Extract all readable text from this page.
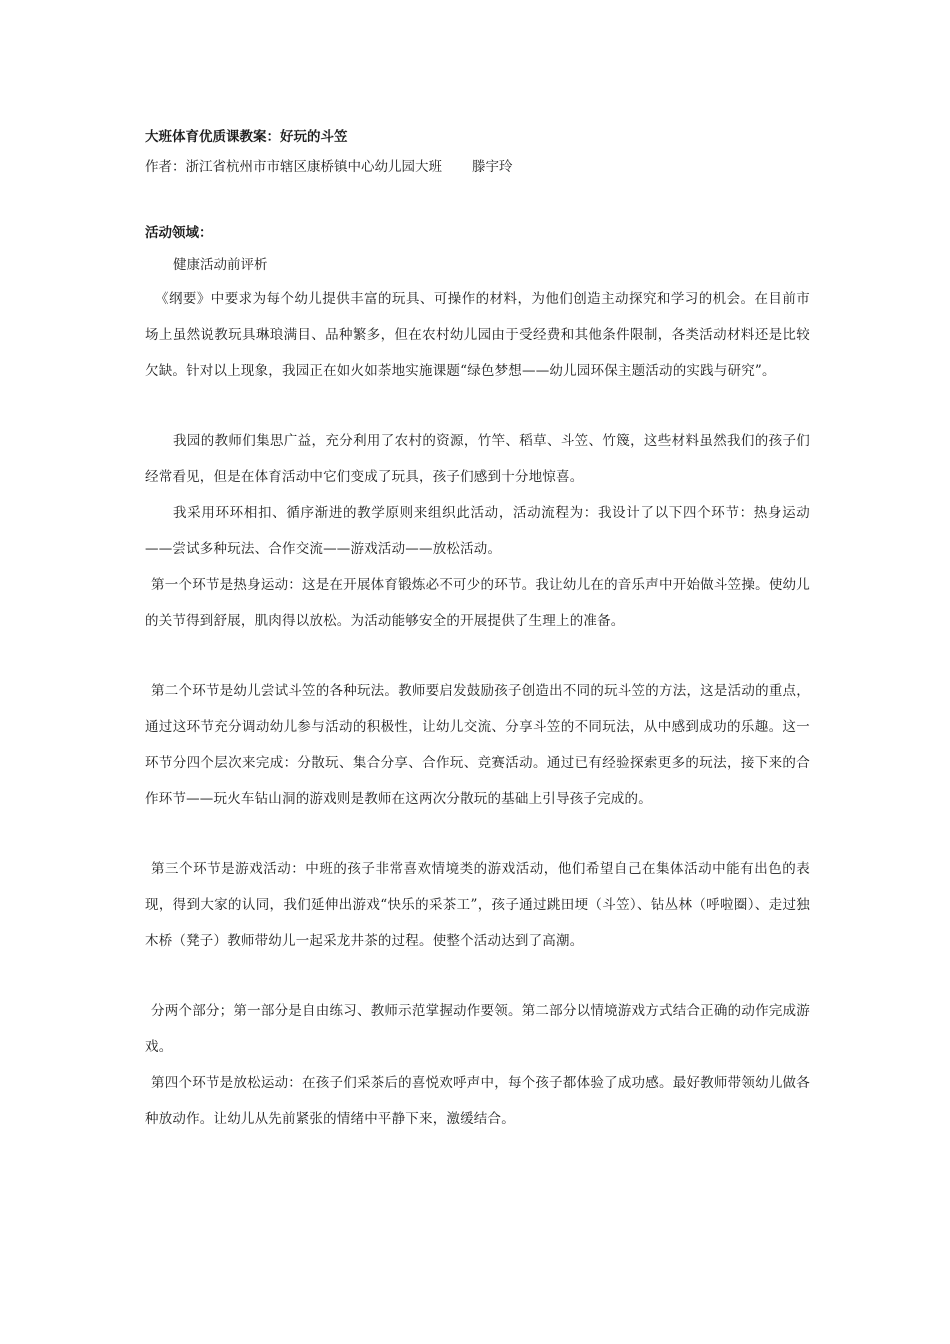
大班体育优质课教案：好玩的斗笠
作者：浙江省杭州市市辖区康桥镇中心幼儿园大班 滕宇玲
活动领域：
健康活动前评析

《纲要》中要求为每个幼儿提供丰富的玩具、可操作的材料，为他们创造主动探究和学习的机会。在目前市场上虽然说教玩具琳琅满目、品种繁多，但在农村幼儿园由于受经费和其他条件限制，各类活动材料还是比较欠缺。针对以上现象，我园正在如火如荼地实施课题“绿色梦想——幼儿园环保主题活动的实践与研究”。

我园的教师们集思广益，充分利用了农村的资源，竹竿、稻草、斗笠、竹篾，这些材料虽然我们的孩子们经常看见，但是在体育活动中它们变成了玩具，孩子们感到十分地惊喜。

我采用环环相扣、循序渐进的教学原则来组织此活动，活动流程为：我设计了以下四个环节：热身运动——尝试多种玩法、合作交流——游戏活动——放松活动。

第一个环节是热身运动：这是在开展体育锻炼必不可少的环节。我让幼儿在的音乐声中开始做斗笠操。使幼儿的关节得到舒展，肌肉得以放松。为活动能够安全的开展提供了生理上的准备。

第二个环节是幼儿尝试斗笠的各种玩法。教师要启发鼓励孩子创造出不同的玩斗笠的方法，这是活动的重点，通过这环节充分调动幼儿参与活动的积极性，让幼儿交流、分享斗笠的不同玩法，从中感到成功的乐趣。这一环节分四个层次来完成：分散玩、集合分享、合作玩、竞赛活动。通过已有经验探索更多的玩法，接下来的合作环节——玩火车钻山洞的游戏则是教师在这两次分散玩的基础上引导孩子完成的。

第三个环节是游戏活动：中班的孩子非常喜欢情境类的游戏活动，他们希望自己在集体活动中能有出色的表现，得到大家的认同，我们延伸出游戏“快乐的采茶工”，孩子通过跳田埂（斗笠）、钻丛林（呼啦圈）、走过独木桥（凳子）教师带幼儿一起采龙井茶的过程。使整个活动达到了高潮。

分两个部分；第一部分是自由练习、教师示范掌握动作要领。第二部分以情境游戏方式结合正确的动作完成游戏。

第四个环节是放松运动：在孩子们采茶后的喜悦欢呼声中，每个孩子都体验了成功感。最好教师带领幼儿做各种放动作。让幼儿从先前紧张的情绪中平静下来，激缓结合。
